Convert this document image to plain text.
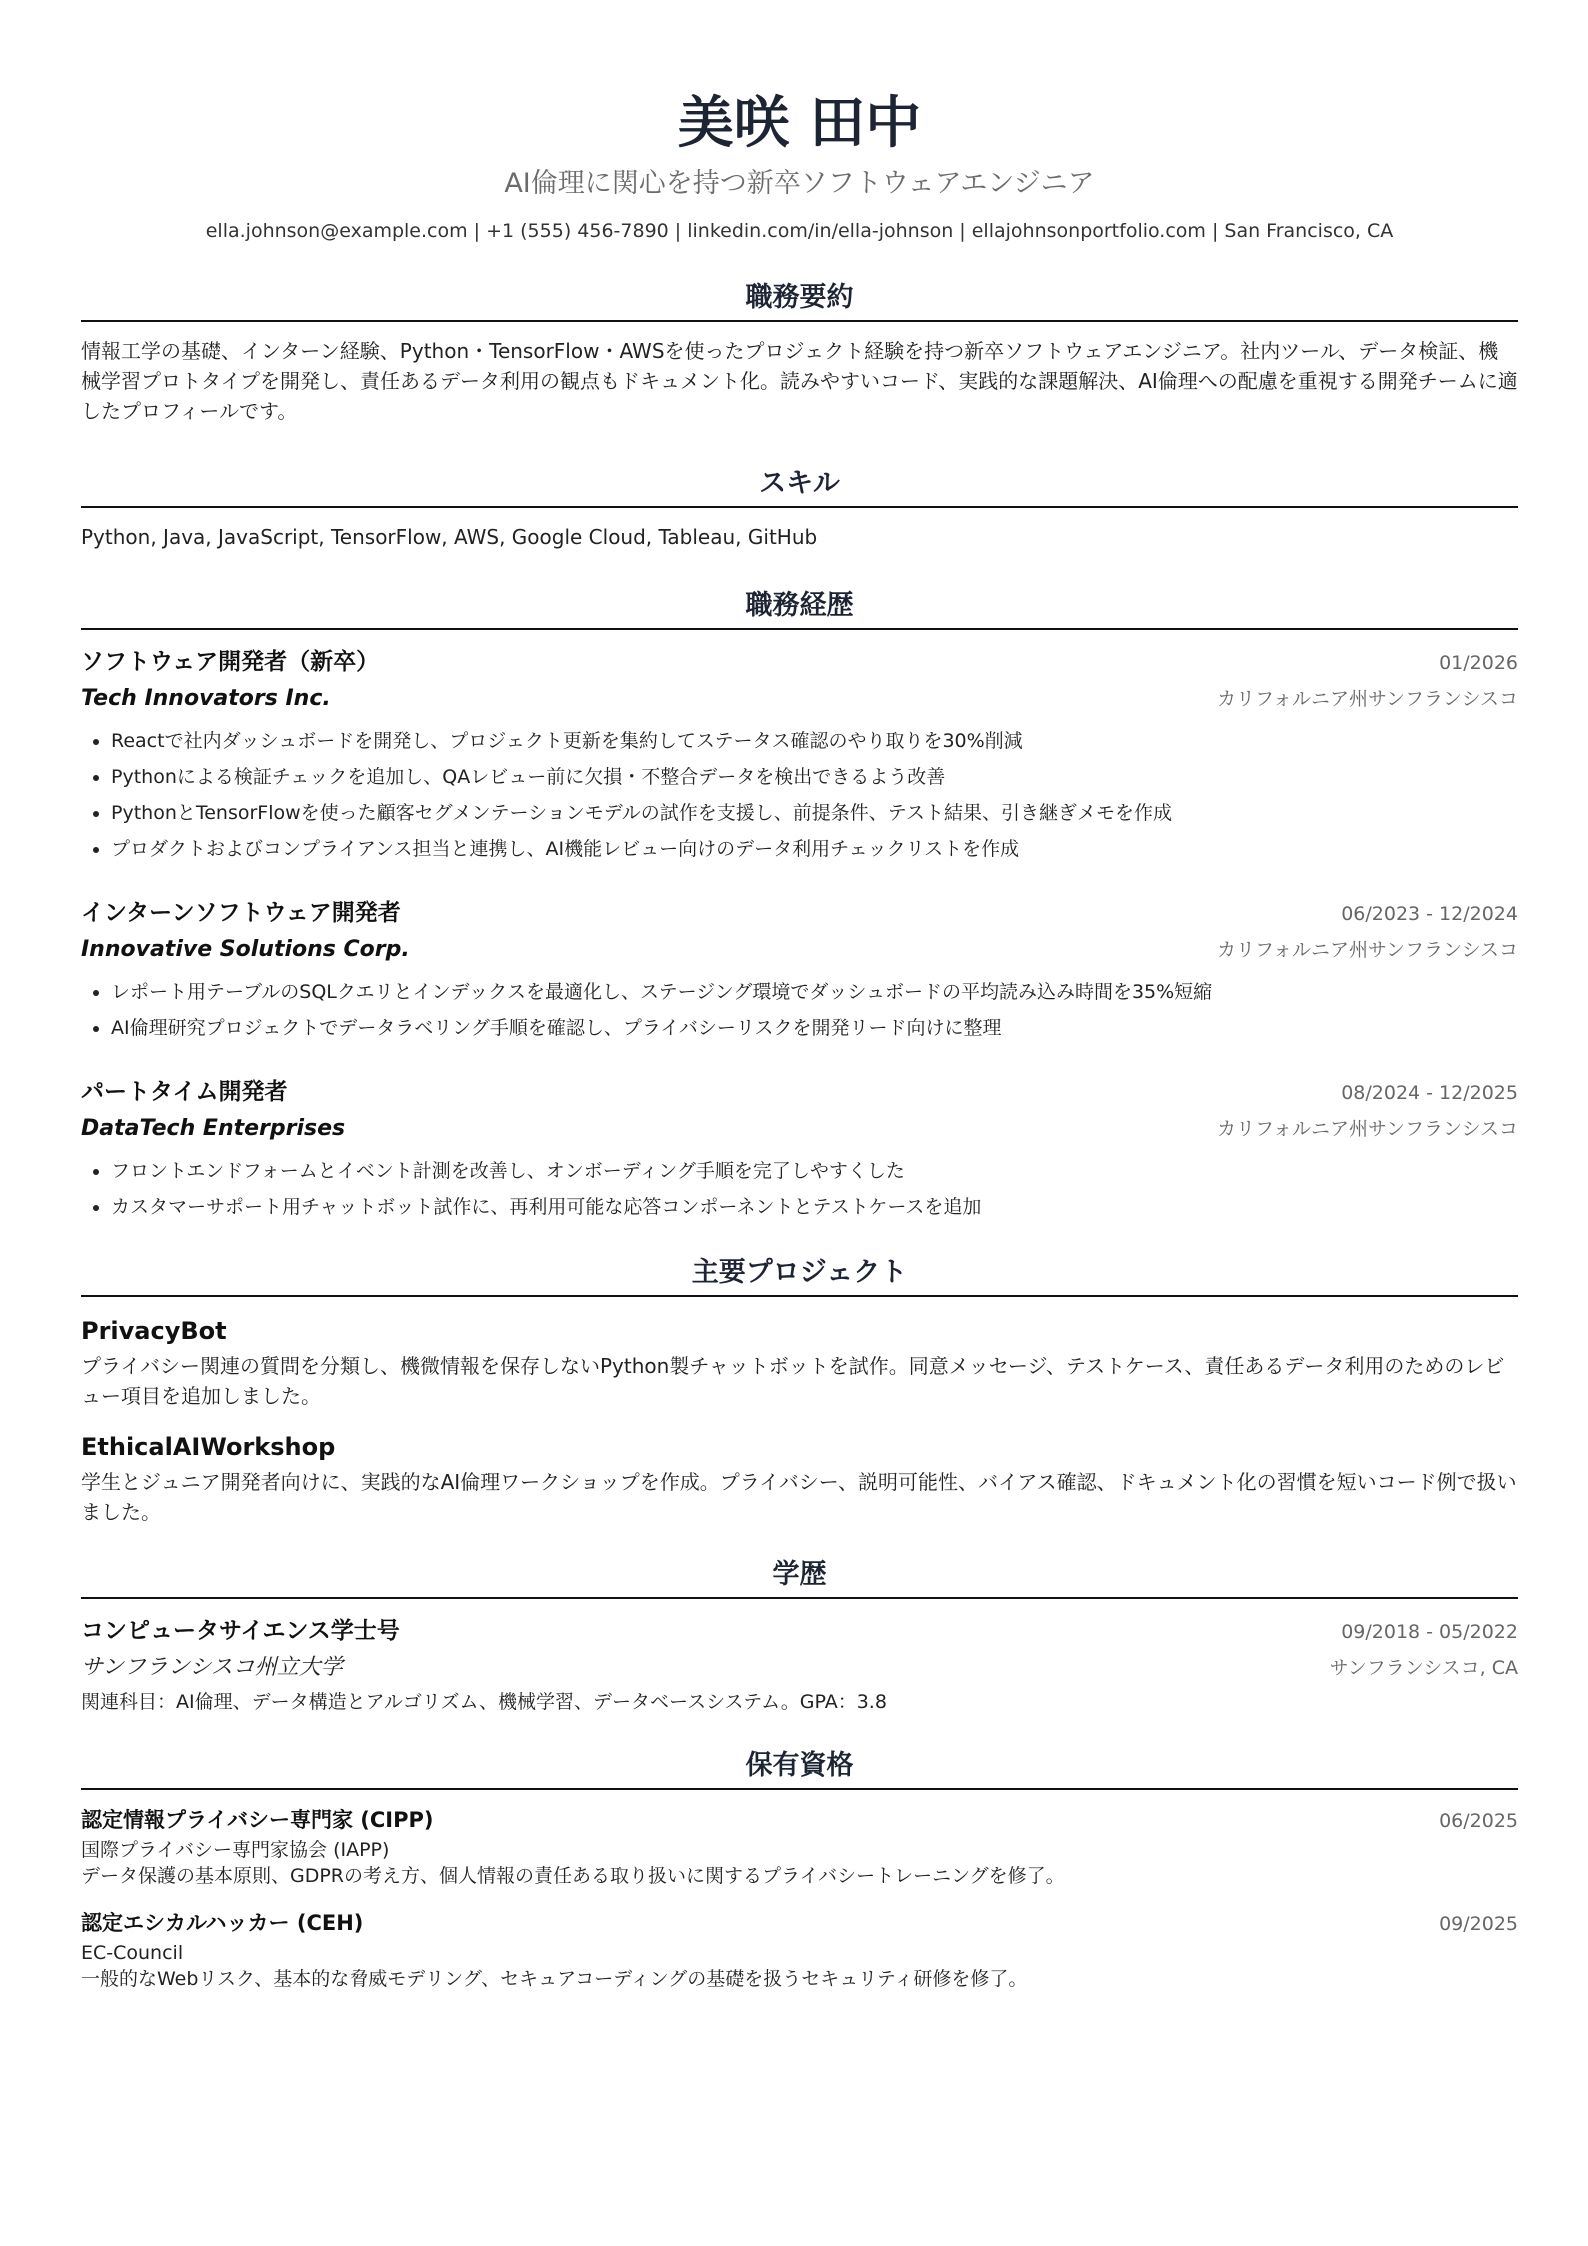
美咲 田中
AI倫理に関心を持つ新卒ソフトウェアエンジニア
ella.johnson@example.com | +1 (555) 456-7890 | linkedin.com/in/ella-johnson | ellajohnsonportfolio.com | San Francisco, CA
職務要約

情報工学の基礎、インターン経験、Python・TensorFlow・AWSを使ったプロジェクト経験を持つ新卒ソフトウェアエンジニア。社内ツール、データ検証、機械学習プロトタイプを開発し、責任あるデータ利用の観点もドキュメント化。読みやすいコード、実践的な課題解決、AI倫理への配慮を重視する開発チームに適したプロフィールです。

スキル

Python, Java, JavaScript, TensorFlow, AWS, Google Cloud, Tableau, GitHub

職務経歴
ソフトウェア開発者（新卒）	01/2026
Tech Innovators Inc.	カリフォルニア州サンフランシスコ
• Reactで社内ダッシュボードを開発し、プロジェクト更新を集約してステータス確認のやり取りを30%削減
• Pythonによる検証チェックを追加し、QAレビュー前に欠損・不整合データを検出できるよう改善
• PythonとTensorFlowを使った顧客セグメンテーションモデルの試作を支援し、前提条件、テスト結果、引き継ぎメモを作成
• プロダクトおよびコンプライアンス担当と連携し、AI機能レビュー向けのデータ利用チェックリストを作成
インターンソフトウェア開発者	06/2023 - 12/2024
Innovative Solutions Corp.	カリフォルニア州サンフランシスコ
• レポート用テーブルのSQLクエリとインデックスを最適化し、ステージング環境でダッシュボードの平均読み込み時間を35%短縮
• AI倫理研究プロジェクトでデータラベリング手順を確認し、プライバシーリスクを開発リード向けに整理
パートタイム開発者	08/2024 - 12/2025
DataTech Enterprises	カリフォルニア州サンフランシスコ
• フロントエンドフォームとイベント計測を改善し、オンボーディング手順を完了しやすくした
• カスタマーサポート用チャットボット試作に、再利用可能な応答コンポーネントとテストケースを追加
主要プロジェクト
PrivacyBot

プライバシー関連の質問を分類し、機微情報を保存しないPython製チャットボットを試作。同意メッセージ、テストケース、責任あるデータ利用のためのレビュー項目を追加しました。

EthicalAIWorkshop

学生とジュニア開発者向けに、実践的なAI倫理ワークショップを作成。プライバシー、説明可能性、バイアス確認、ドキュメント化の習慣を短いコード例で扱いました。

学歴
コンピュータサイエンス学士号	09/2018 - 05/2022
サンフランシスコ州立大学	サンフランシスコ, CA
関連科目：AI倫理、データ構造とアルゴリズム、機械学習、データベースシステム。GPA：3.8
保有資格
認定情報プライバシー専門家 (CIPP)	06/2025
国際プライバシー専門家協会 (IAPP)
データ保護の基本原則、GDPRの考え方、個人情報の責任ある取り扱いに関するプライバシートレーニングを修了。
認定エシカルハッカー (CEH)	09/2025
EC-Council
一般的なWebリスク、基本的な脅威モデリング、セキュアコーディングの基礎を扱うセキュリティ研修を修了。
